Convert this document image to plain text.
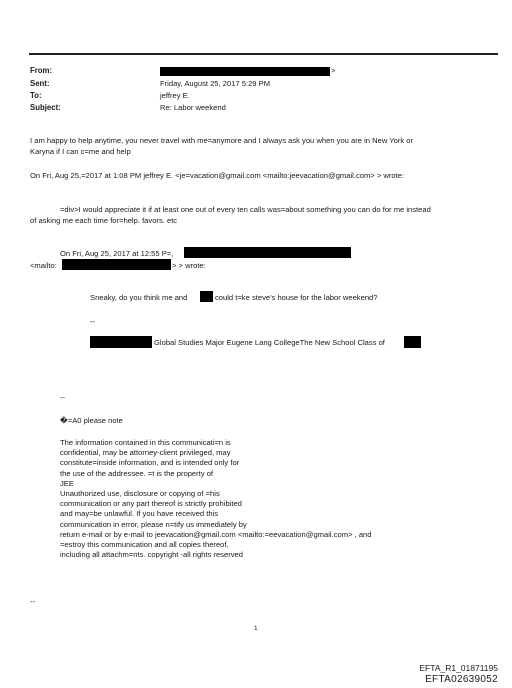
From:
Sent:
To:
Subject:
>
Friday, August 25, 2017 5:29 PM
jeffrey E.
Re: Labor weekend
I am happy to help anytime, you never travel with me=anymore and I always ask you when you are in New York or
Karyna if I can c=me and help
On Fri, Aug 25,=2017 at 1:08 PM jeffrey E. <je=vacation@gmail.com <mailto:jeevacation@gmail.com> > wrote:
=div>I would appreciate it if at least one out of every ten calls was=about something you can do for me instead
of asking me each time for=help. favors. etc
On Fri, Aug 25, 2017 at 12:55 P=,
<mailto:	> > wrote:
Sneaky, do you think me and	could t=ke steve's house for the labor weekend?
--
Global Studies Major Eugene Lang CollegeThe New School Class of
--
�=A0 please note
The information contained in this communicati=n is
confidential, may be attorney-client privileged, may
constitute=inside information, and is intended only for
the use of the addressee. =t is the property of
JEE
Unauthorized use, disclosure or copying of =his
communication or any part thereof is strictly prohibited
and may=be unlawful. If you have received this
communication in error, please n=tify us immediately by
return e-mail or by e-mail to jeevacation@gmail.com <mailto:=eevacation@gmail.com> , and
=estroy this communication and all copies thereof,
including all attachm=nts. copyright -all rights reserved
--
1
EFTA_R1_01871195
EFTA02639052
